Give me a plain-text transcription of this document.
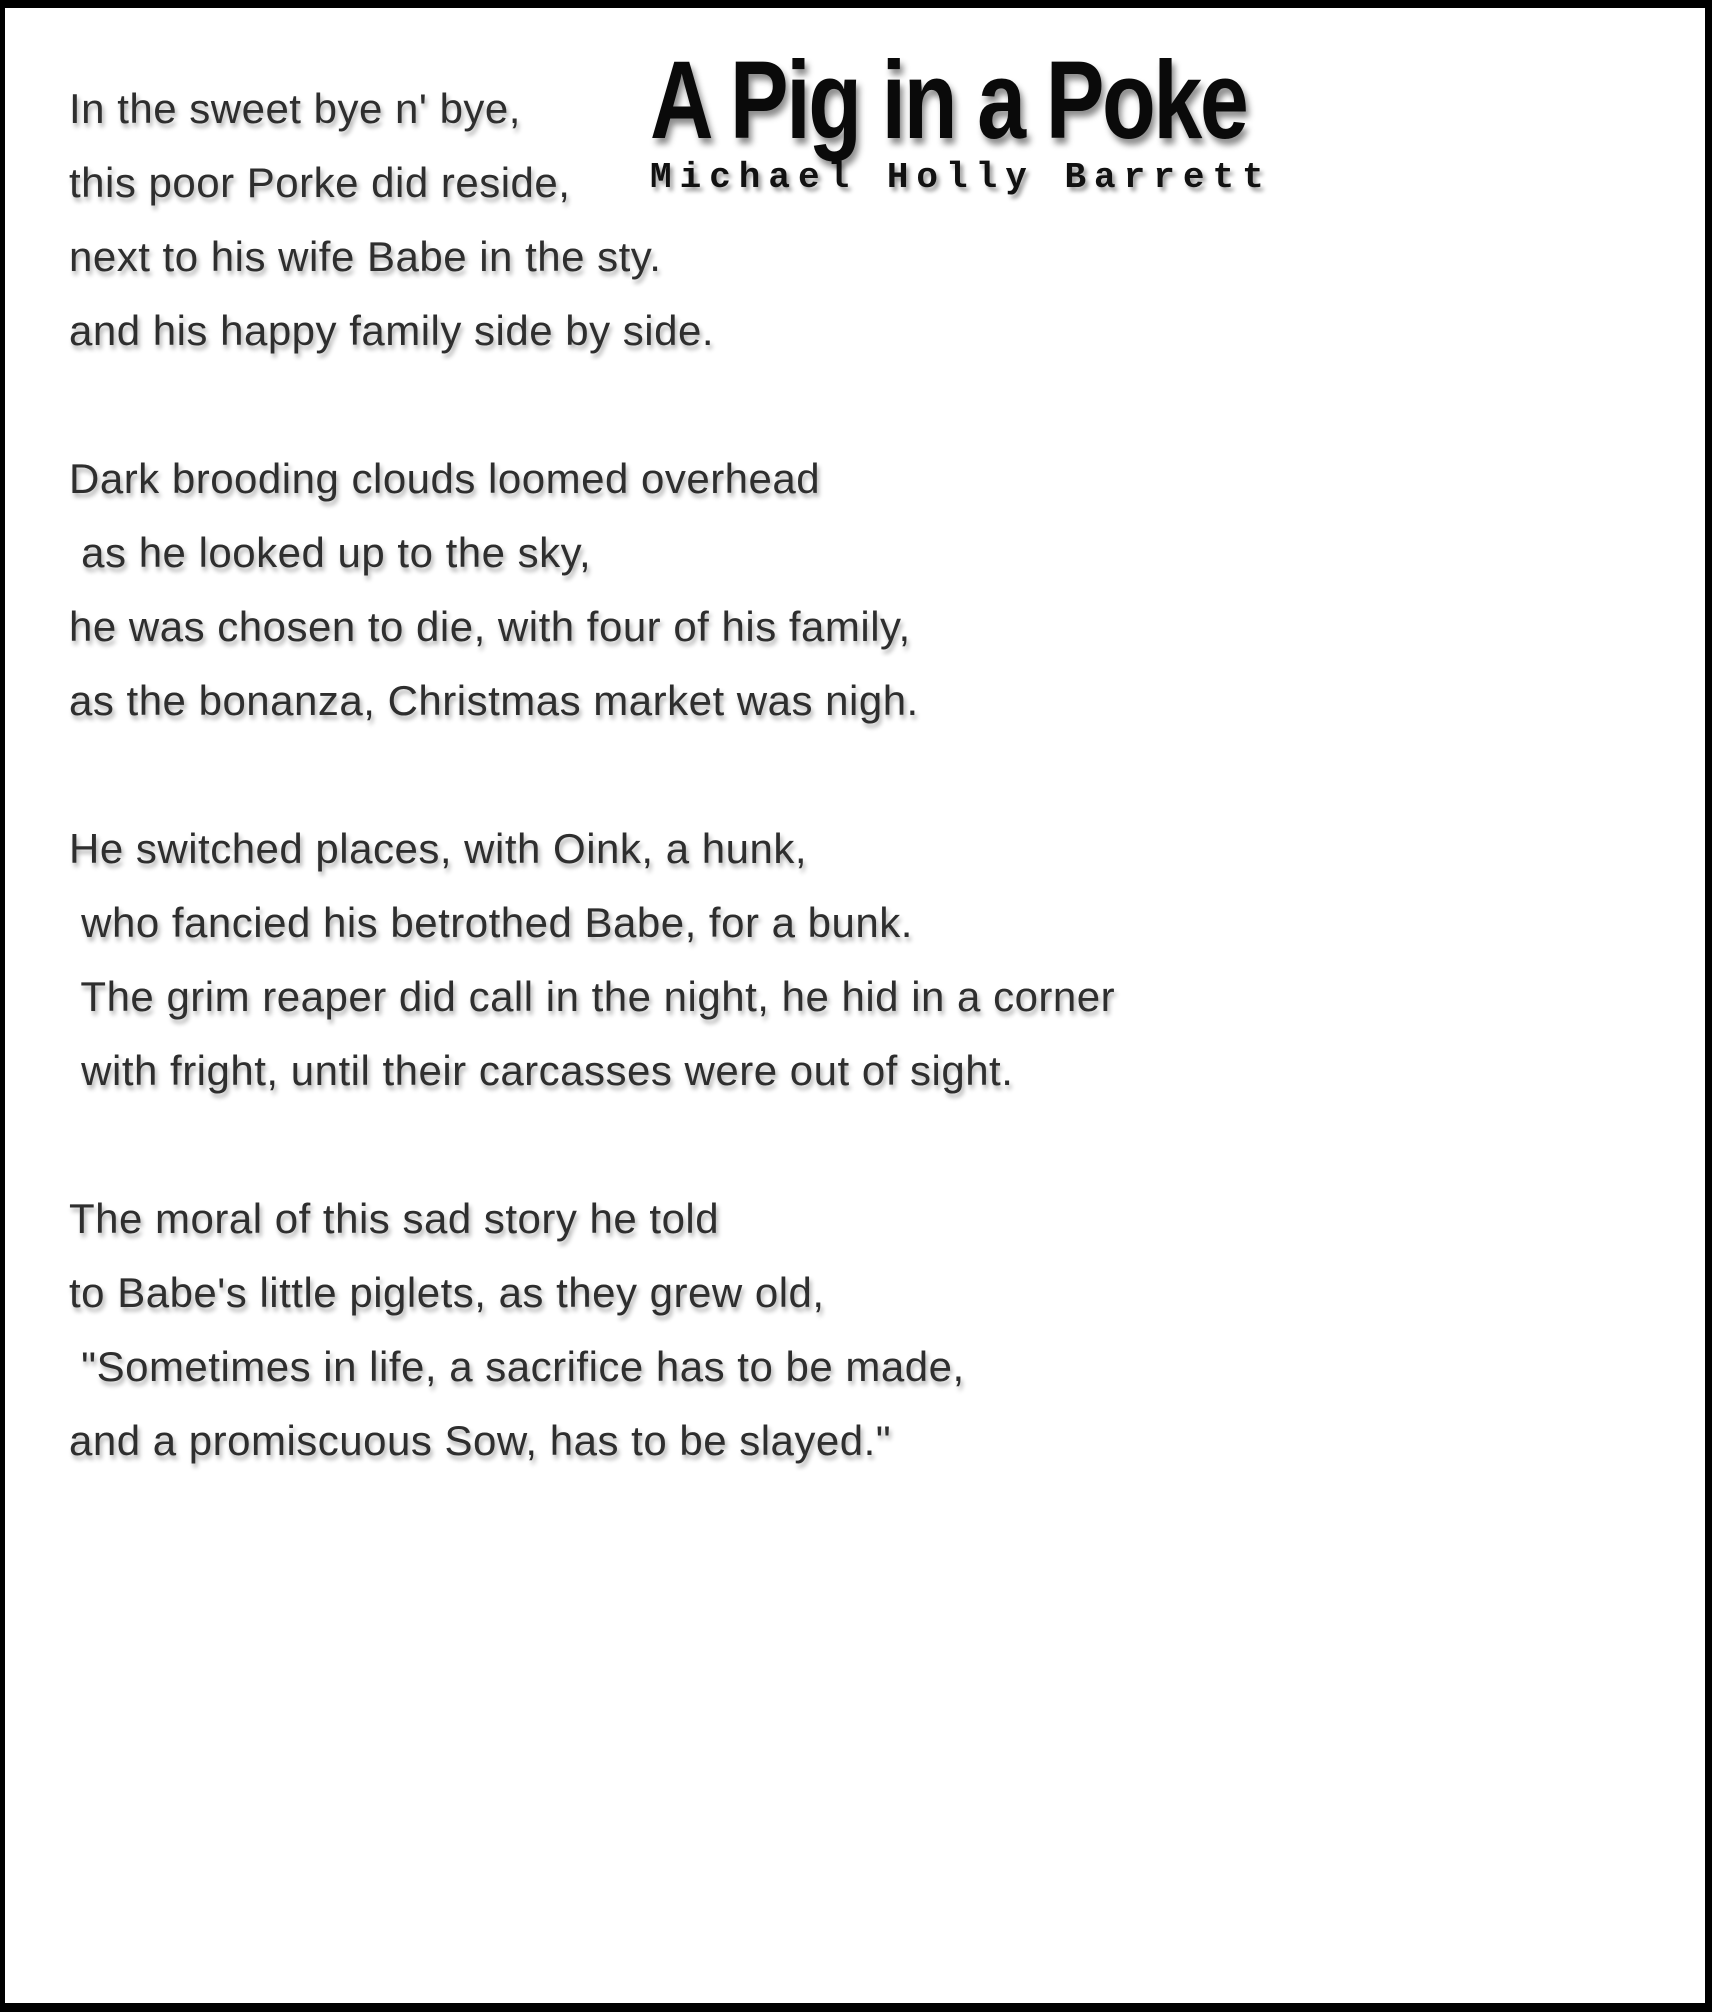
A Pig in a Poke
Michael Holly Barrett
In the sweet bye n' bye,
this poor Porke did reside,
next to his wife Babe in the sty.
and his happy family side by side.
Dark brooding clouds loomed overhead
as he looked up to the sky,
he was chosen to die, with four of his family,
as the bonanza, Christmas market was nigh.
He switched places, with Oink, a hunk,
who fancied his betrothed Babe, for a bunk.
The grim reaper did call in the night, he hid in a corner
with fright, until their carcasses were out of sight.
The moral of this sad story he told
to Babe's little piglets, as they grew old,
"Sometimes in life, a sacrifice has to be made,
and a promiscuous Sow, has to be slayed."
